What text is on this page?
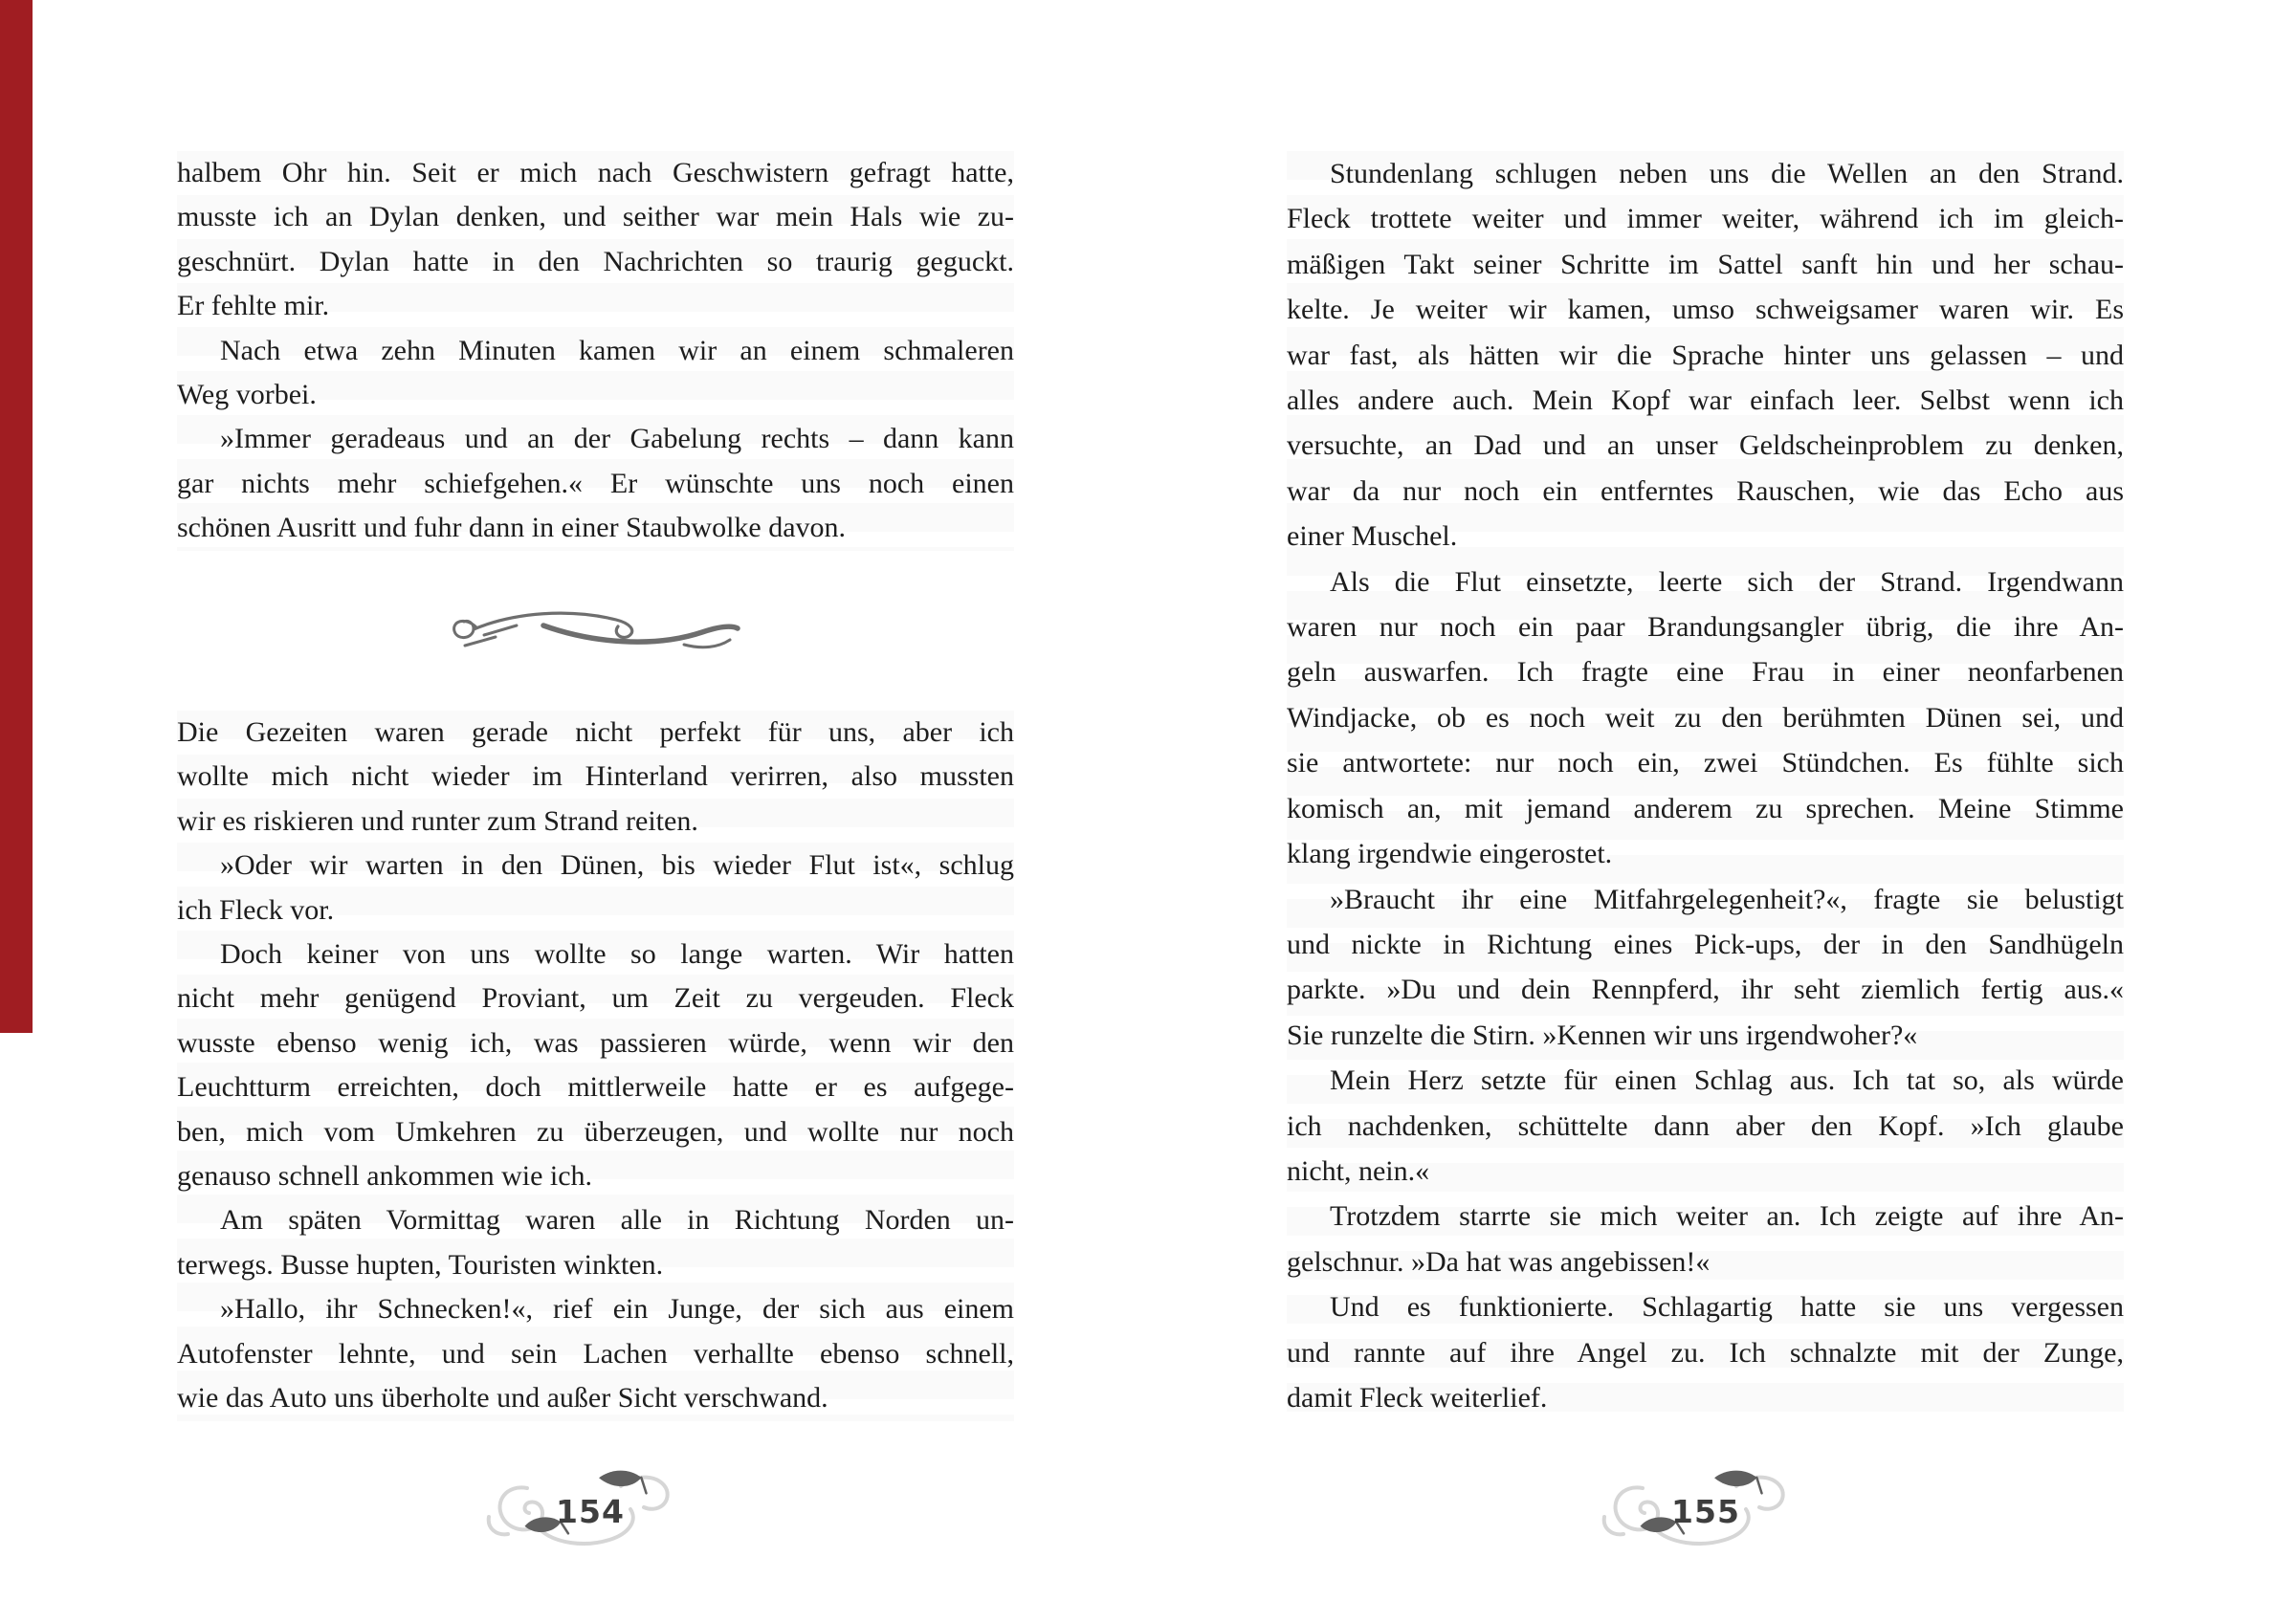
halbem Ohr hin. Seit er mich nach Geschwistern gefragt hatte,
musste ich an Dylan denken, und seither war mein Hals wie zu-
geschnürt. Dylan hatte in den Nachrichten so traurig geguckt.
Er fehlte mir.
Nach etwa zehn Minuten kamen wir an einem schmaleren
Weg vorbei.
»Immer geradeaus und an der Gabelung rechts – dann kann
gar nichts mehr schiefgehen.« Er wünschte uns noch einen
schönen Ausritt und fuhr dann in einer Staubwolke davon.
Die Gezeiten waren gerade nicht perfekt für uns, aber ich
wollte mich nicht wieder im Hinterland verirren, also mussten
wir es riskieren und runter zum Strand reiten.
»Oder wir warten in den Dünen, bis wieder Flut ist«, schlug
ich Fleck vor.
Doch keiner von uns wollte so lange warten. Wir hatten
nicht mehr genügend Proviant, um Zeit zu vergeuden. Fleck
wusste ebenso wenig ich, was passieren würde, wenn wir den
Leuchtturm erreichten, doch mittlerweile hatte er es aufgege-
ben, mich vom Umkehren zu überzeugen, und wollte nur noch
genauso schnell ankommen wie ich.
Am späten Vormittag waren alle in Richtung Norden un-
terwegs. Busse hupten, Touristen winkten.
»Hallo, ihr Schnecken!«, rief ein Junge, der sich aus einem
Autofenster lehnte, und sein Lachen verhallte ebenso schnell,
wie das Auto uns überholte und außer Sicht verschwand.
154
Stundenlang schlugen neben uns die Wellen an den Strand.
Fleck trottete weiter und immer weiter, während ich im gleich-
mäßigen Takt seiner Schritte im Sattel sanft hin und her schau-
kelte. Je weiter wir kamen, umso schweigsamer waren wir. Es
war fast, als hätten wir die Sprache hinter uns gelassen – und
alles andere auch. Mein Kopf war einfach leer. Selbst wenn ich
versuchte, an Dad und an unser Geldscheinproblem zu denken,
war da nur noch ein entferntes Rauschen, wie das Echo aus
einer Muschel.
Als die Flut einsetzte, leerte sich der Strand. Irgendwann
waren nur noch ein paar Brandungsangler übrig, die ihre An-
geln auswarfen. Ich fragte eine Frau in einer neonfarbenen
Windjacke, ob es noch weit zu den berühmten Dünen sei, und
sie antwortete: nur noch ein, zwei Stündchen. Es fühlte sich
komisch an, mit jemand anderem zu sprechen. Meine Stimme
klang irgendwie eingerostet.
»Braucht ihr eine Mitfahrgelegenheit?«, fragte sie belustigt
und nickte in Richtung eines Pick-ups, der in den Sandhügeln
parkte. »Du und dein Rennpferd, ihr seht ziemlich fertig aus.«
Sie runzelte die Stirn. »Kennen wir uns irgendwoher?«
Mein Herz setzte für einen Schlag aus. Ich tat so, als würde
ich nachdenken, schüttelte dann aber den Kopf. »Ich glaube
nicht, nein.«
Trotzdem starrte sie mich weiter an. Ich zeigte auf ihre An-
gelschnur. »Da hat was angebissen!«
Und es funktionierte. Schlagartig hatte sie uns vergessen
und rannte auf ihre Angel zu. Ich schnalzte mit der Zunge,
damit Fleck weiterlief.
155
